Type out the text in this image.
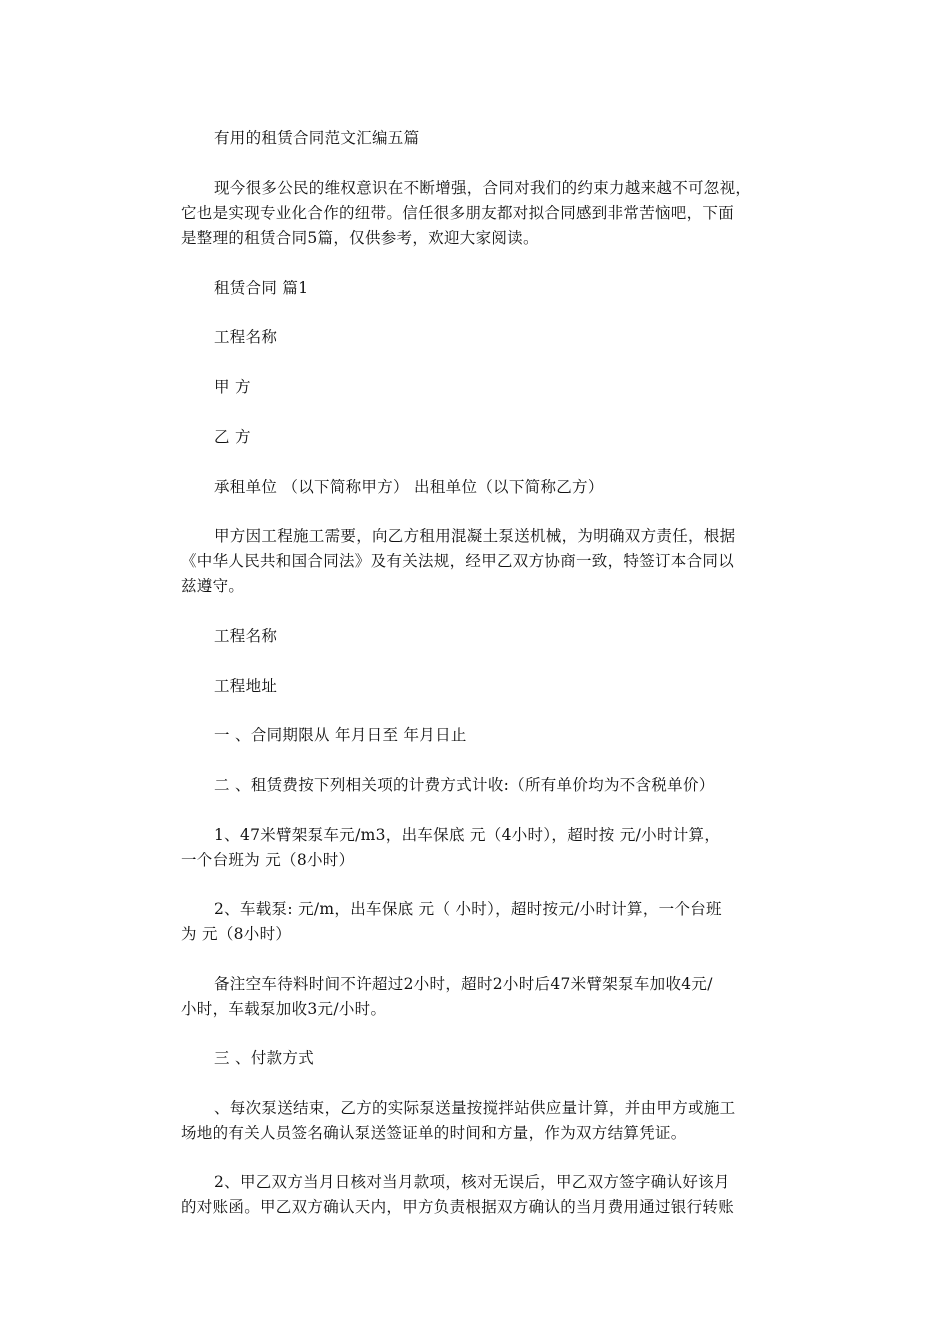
有用的租赁合同范文汇编五篇

现今很多公民的维权意识在不断增强，合同对我们的约束力越来越不可忽视，
它也是实现专业化合作的纽带。信任很多朋友都对拟合同感到非常苦恼吧，下面
是整理的租赁合同5篇，仅供参考，欢迎大家阅读。

租赁合同 篇1

工程名称

甲 方

乙 方

承租单位 （以下简称甲方） 出租单位（以下简称乙方）

甲方因工程施工需要，向乙方租用混凝土泵送机械，为明确双方责任，根据
《中华人民共和国合同法》及有关法规，经甲乙双方协商一致，特签订本合同以
兹遵守。

工程名称

工程地址

一 、合同期限从 年月日至 年月日止

二 、租赁费按下列相关项的计费方式计收:（所有单价均为不含税单价）

1、47米臂架泵车元/m3，出车保底 元（4小时），超时按 元/小时计算，
一个台班为 元（8小时）

2、车载泵: 元/m，出车保底 元（ 小时），超时按元/小时计算，一个台班
为 元（8小时）

备注空车待料时间不许超过2小时，超时2小时后47米臂架泵车加收4元/
小时，车载泵加收3元/小时。

三 、付款方式

、每次泵送结束，乙方的实际泵送量按搅拌站供应量计算，并由甲方或施工
场地的有关人员签名确认泵送签证单的时间和方量，作为双方结算凭证。

2、甲乙双方当月日核对当月款项，核对无误后，甲乙双方签字确认好该月
的对账函。甲乙双方确认天内，甲方负责根据双方确认的当月费用通过银行转账
